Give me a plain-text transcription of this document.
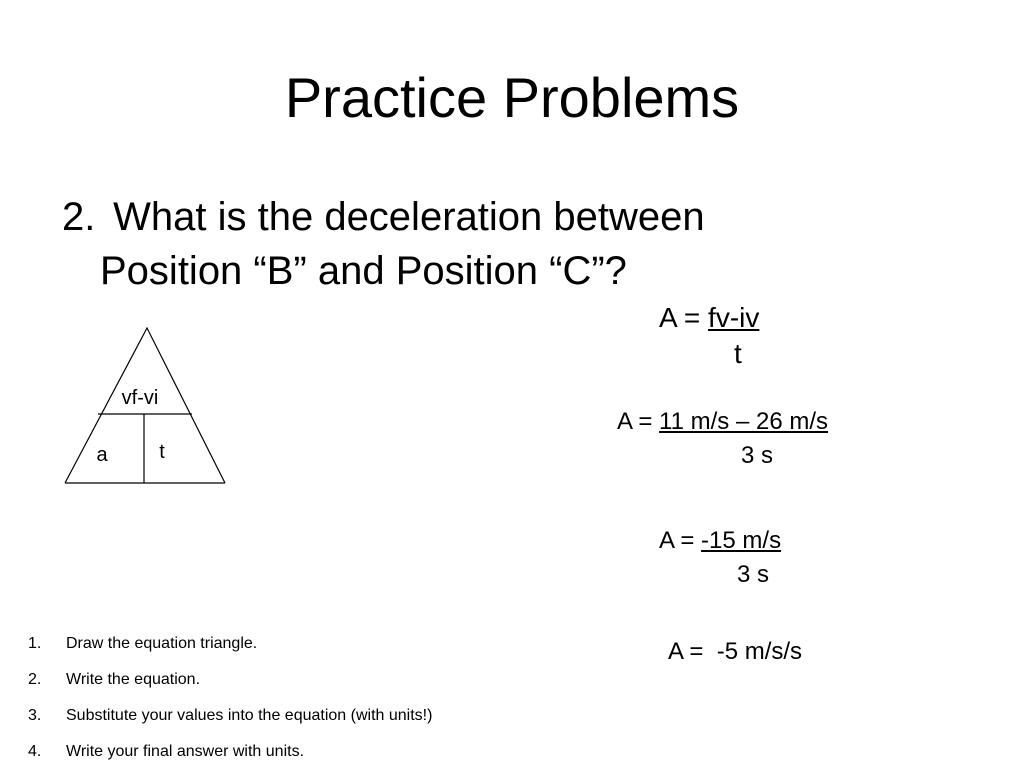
Practice Problems
2. What is the deceleration between
Position “B” and Position “C”?
vf-vi
a	t
A = fv-iv
t
A = 11 m/s – 26 m/s
3 s
A = -15 m/s
3 s
A =  -5 m/s/s
1. Draw the equation triangle.
2. Write the equation.
3. Substitute your values into the equation (with units!)
4. Write your final answer with units.
